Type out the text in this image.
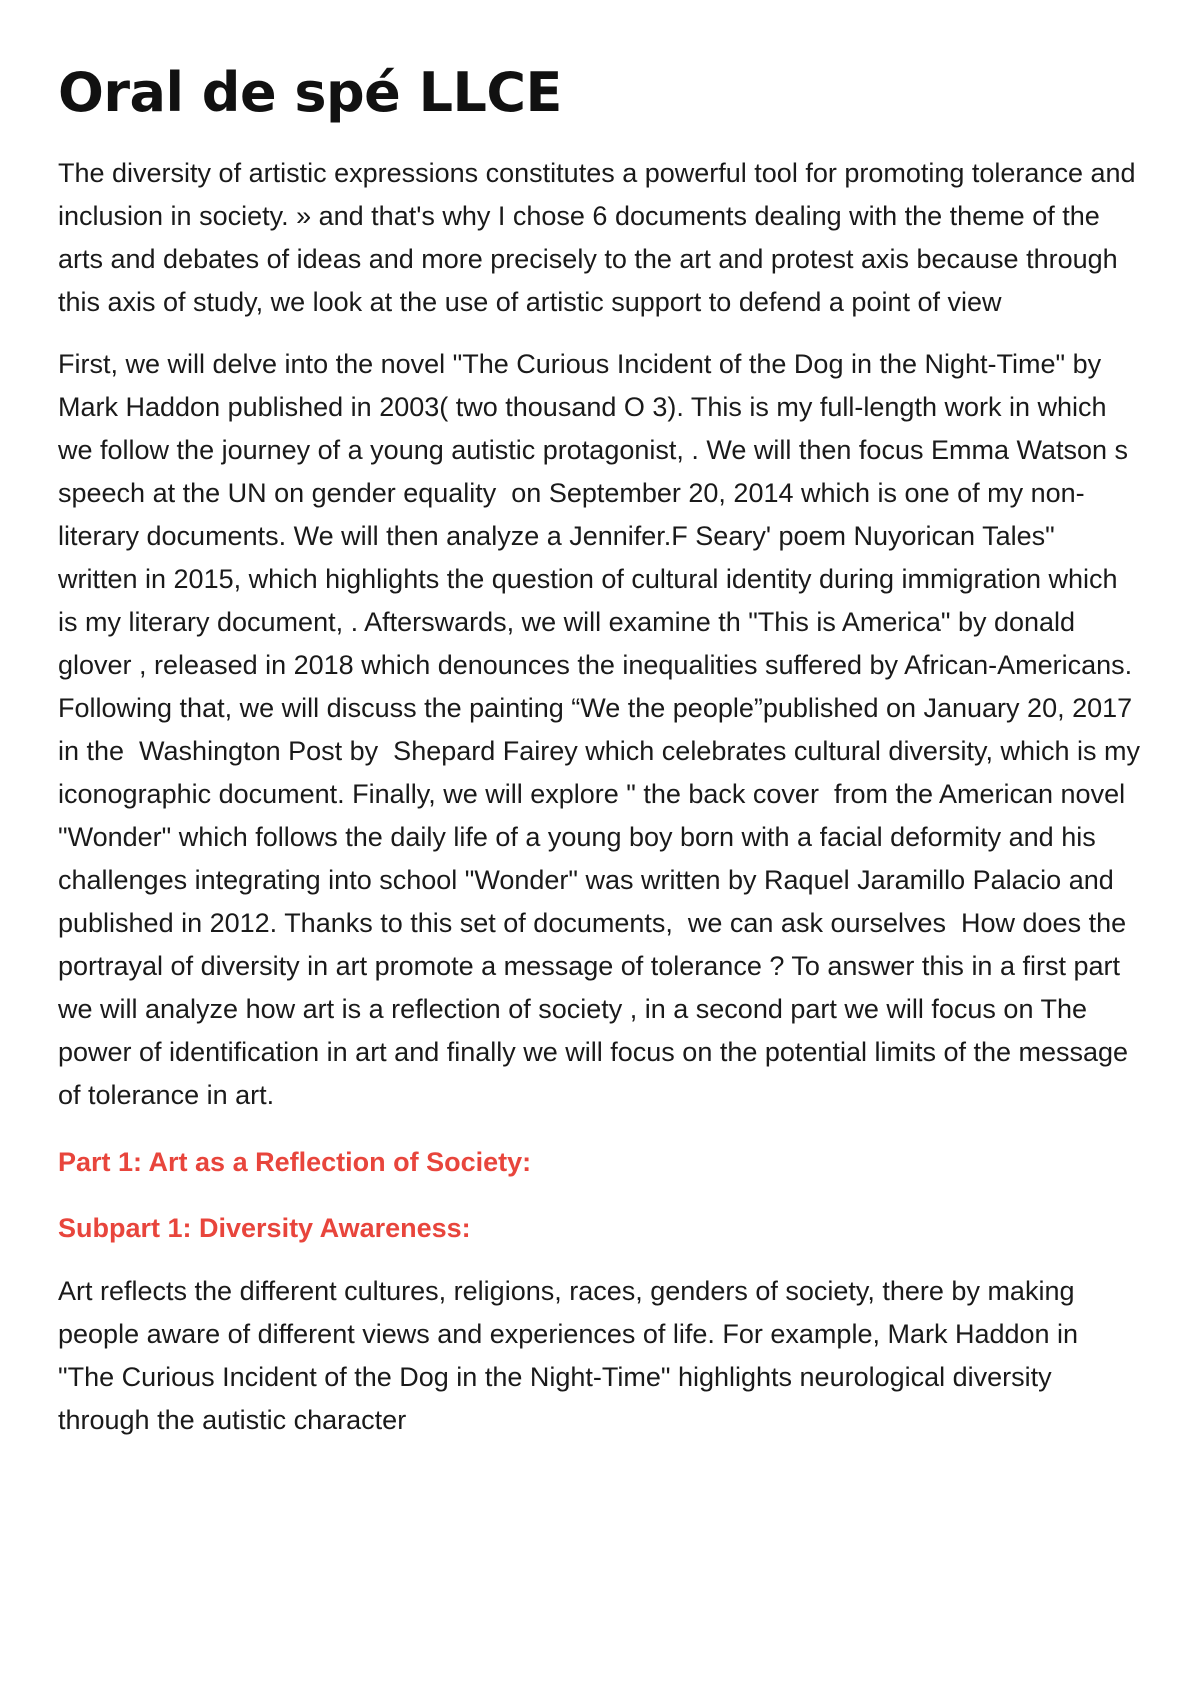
Oral de spé LLCE

The diversity of artistic expressions constitutes a powerful tool for promoting tolerance and inclusion in society. » and that's why I chose 6 documents dealing with the theme of the arts and debates of ideas and more precisely to the art and protest axis because through this axis of study, we look at the use of artistic support to defend a point of view

First, we will delve into the novel "The Curious Incident of the Dog in the Night-Time" by Mark Haddon published in 2003( two thousand O 3). This is my full-length work in which we follow the journey of a young autistic protagonist, . We will then focus Emma Watson s speech at the UN on gender equality  on September 20, 2014 which is one of my non-literary documents. We will then analyze a Jennifer.F Seary' poem Nuyorican Tales" written in 2015, which highlights the question of cultural identity during immigration which is my literary document, . Afterswards, we will examine th "This is America" by donald glover , released in 2018 which denounces the inequalities suffered by African-Americans. Following that, we will discuss the painting “We the people”published on January 20, 2017 in the  Washington Post by  Shepard Fairey which celebrates cultural diversity, which is my iconographic document. Finally, we will explore " the back cover  from the American novel "Wonder" which follows the daily life of a young boy born with a facial deformity and his challenges integrating into school "Wonder" was written by Raquel Jaramillo Palacio and published in 2012. Thanks to this set of documents,  we can ask ourselves  How does the portrayal of diversity in art promote a message of tolerance ? To answer this in a first part we will analyze how art is a reflection of society , in a second part we will focus on The power of identification in art and finally we will focus on the potential limits of the message of tolerance in art.

Part 1: Art as a Reflection of Society:
Subpart 1: Diversity Awareness:

Art reflects the different cultures, religions, races, genders of society, there by making people aware of different views and experiences of life. For example, Mark Haddon in "The Curious Incident of the Dog in the Night-Time" highlights neurological diversity through the autistic character
